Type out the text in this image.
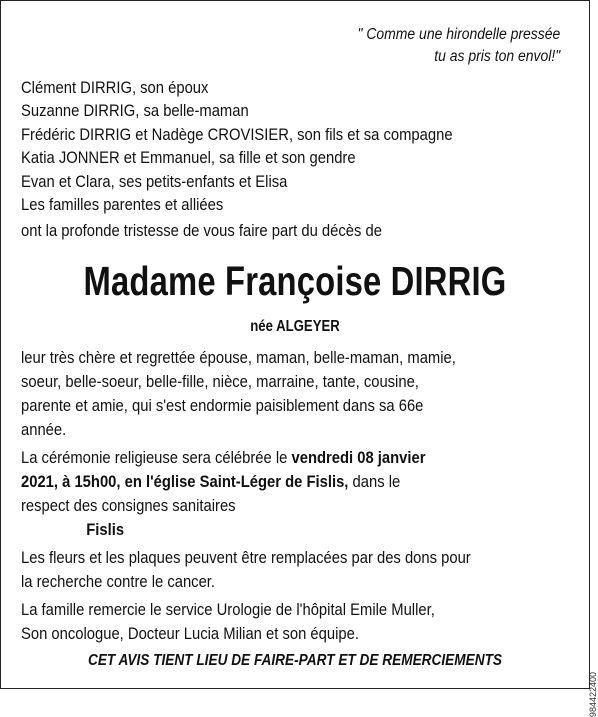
" Comme une hirondelle pressée
tu as pris ton envol!"
Clément DIRRIG, son époux
Suzanne DIRRIG, sa belle-maman
Frédéric DIRRIG et Nadège CROVISIER, son fils et sa compagne
Katia JONNER et Emmanuel, sa fille et son gendre
Evan et Clara, ses petits-enfants et Elisa
Les familles parentes et alliées
ont la profonde tristesse de vous faire part du décès de
Madame Françoise DIRRIG
née ALGEYER

leur très chère et regrettée épouse, maman, belle-maman, mamie,

soeur, belle-soeur, belle-fille, nièce, marraine, tante, cousine,

parente et amie, qui s'est endormie paisiblement dans sa 66e

année.

La cérémonie religieuse sera célébrée le vendredi 08 janvier

2021, à 15h00, en l'église Saint-Léger de Fislis, dans le

respect des consignes sanitaires

Fislis

Les fleurs et les plaques peuvent être remplacées par des dons pour

la recherche contre le cancer.

La famille remercie le service Urologie de l'hôpital Emile Muller,

Son oncologue, Docteur Lucia Milian et son équipe.

CET AVIS TIENT LIEU DE FAIRE-PART ET DE REMERCIEMENTS
984422400
